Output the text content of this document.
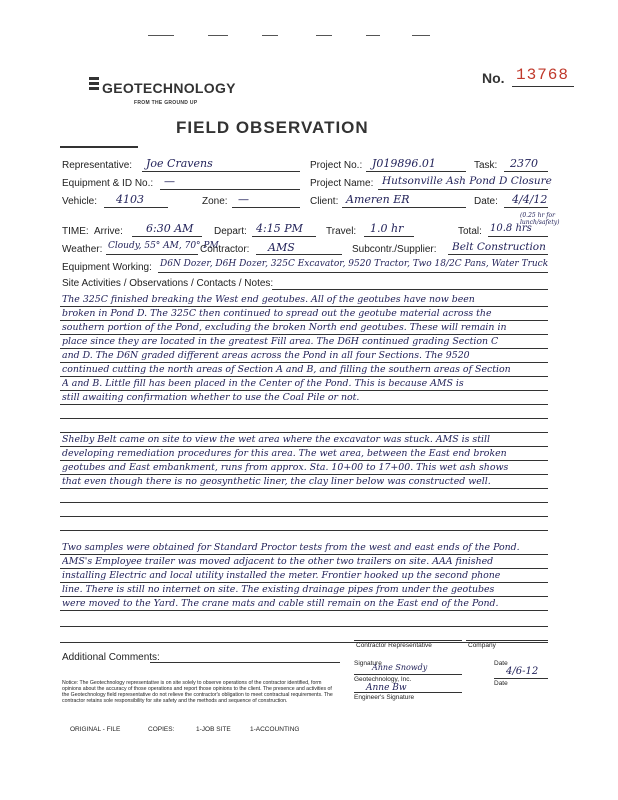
GEOTECHNOLOGY
FROM THE GROUND UP
No. 13768
FIELD OBSERVATION
Representative: Joe Cravens	Project No.: J019896.01	Task: 2370
Equipment & ID No.: —	Project Name: Hutsonville Ash Pond D Closure
Vehicle: 4103	Zone: —	Client: Ameren ER	Date: 4/4/12
TIME: Arrive: 6:30 AM Depart: 4:15 PM Travel: 1.0 hr	Total: 10.8 hrs
(0.25 hr for lunch/safety)
Weather: Cloudy, 55° AM, 70° PM
Contractor: AMS	Subcontr./Supplier: Belt Construction
Equipment Working: D6N Dozer, D6H Dozer, 325C Excavator, 9520 Tractor, Two 18/2C Pans, Water Truck
Site Activities / Observations / Contacts / Notes:
The 325C finished breaking the West end geotubes. All of the geotubes have now been
broken in Pond D. The 325C then continued to spread out the geotube material across the
southern portion of the Pond, excluding the broken North end geotubes. These will remain in
place since they are located in the greatest Fill area. The D6H continued grading Section C
and D. The D6N graded different areas across the Pond in all four Sections. The 9520
continued cutting the north areas of Section A and B, and filling the southern areas of Section
A and B. Little fill has been placed in the Center of the Pond. This is because AMS is
still awaiting confirmation whether to use the Coal Pile or not.
Shelby Belt came on site to view the wet area where the excavator was stuck. AMS is still
developing remediation procedures for this area. The wet area, between the East end broken
geotubes and East embankment, runs from approx. Sta. 10+00 to 17+00. This wet ash shows
that even though there is no geosynthetic liner, the clay liner below was constructed well.
Two samples were obtained for Standard Proctor tests from the west and east ends of the Pond.
AMS's Employee trailer was moved adjacent to the other two trailers on site. AAA finished
installing Electric and local utility installed the meter. Frontier hooked up the second phone
line. There is still no internet on site. The existing drainage pipes from under the geotubes
were moved to the Yard. The crane mats and cable still remain on the East end of the Pond.
Additional Comments:
Contractor Representative	Company
Signature
Anne Snowdy	Date
4/6-12
Geotechnology, Inc.
Anne Bw
Engineer's Signature
Date
Notice: The Geotechnology representative is on site solely to observe operations of the contractor identified, form opinions about the accuracy of those operations and report those opinions to the client. The presence and activities of the Geotechnology field representative do not relieve the contractor's obligation to meet contractual requirements. The contractor retains sole responsibility for site safety and the methods and sequence of construction.
ORIGINAL - FILE	COPIES:	1-JOB SITE	1-ACCOUNTING
